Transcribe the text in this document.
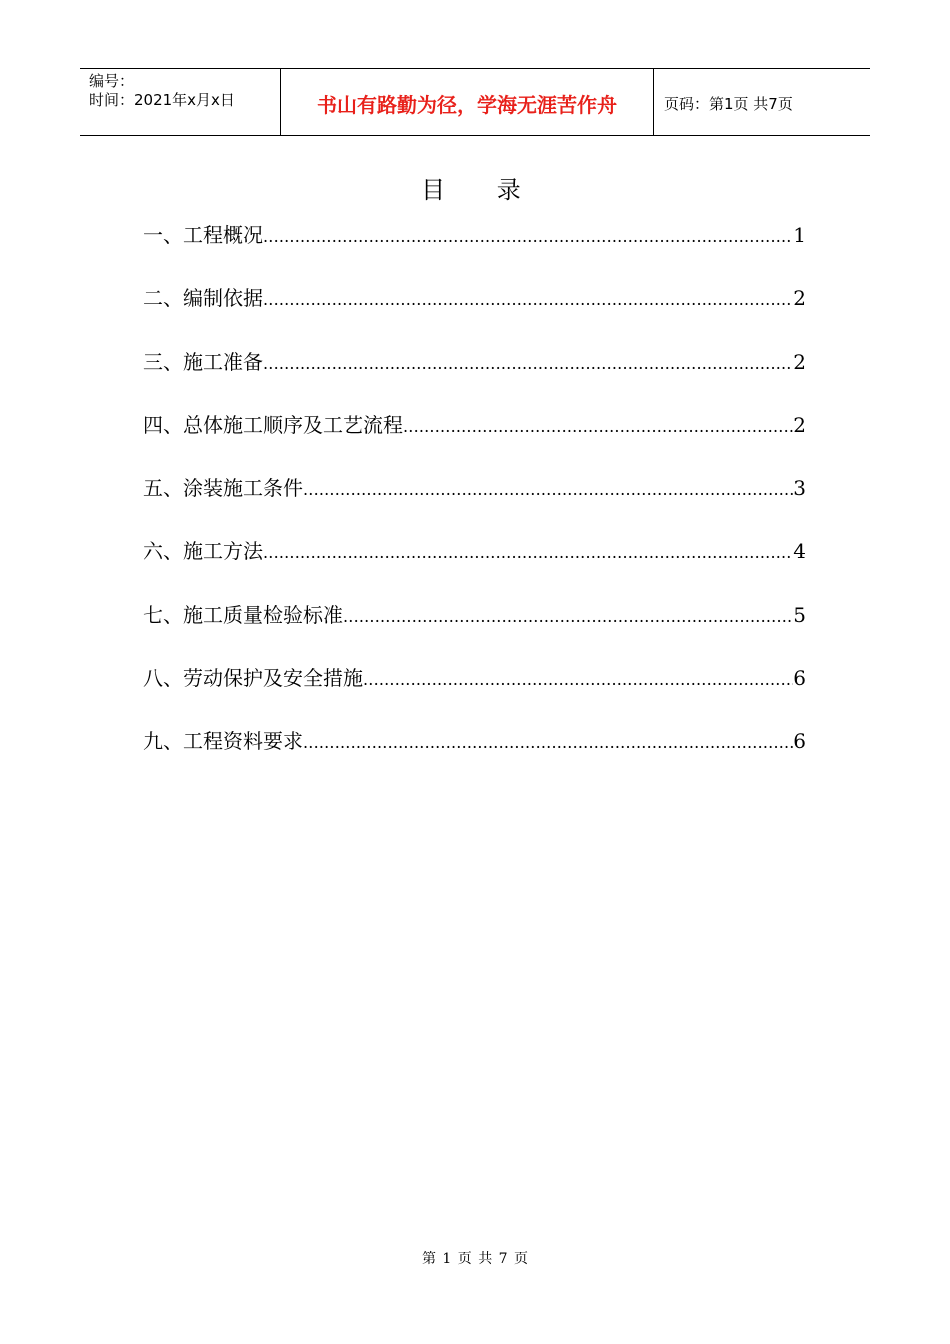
编号：
时间：2021年x月x日	书山有路勤为径，学海无涯苦作舟	页码：第1页 共7页
目 录
一、工程概况 .....	1
二、编制依据 .....	2
三、施工准备 .....	2
四、总体施工顺序及工艺流程 .....	2
五、涂装施工条件 .....	3
六、施工方法 .....	4
七、施工质量检验标准 .....	5
八、劳动保护及安全措施 .....	6
九、工程资料要求 .....	6
第 1 页 共 7 页
